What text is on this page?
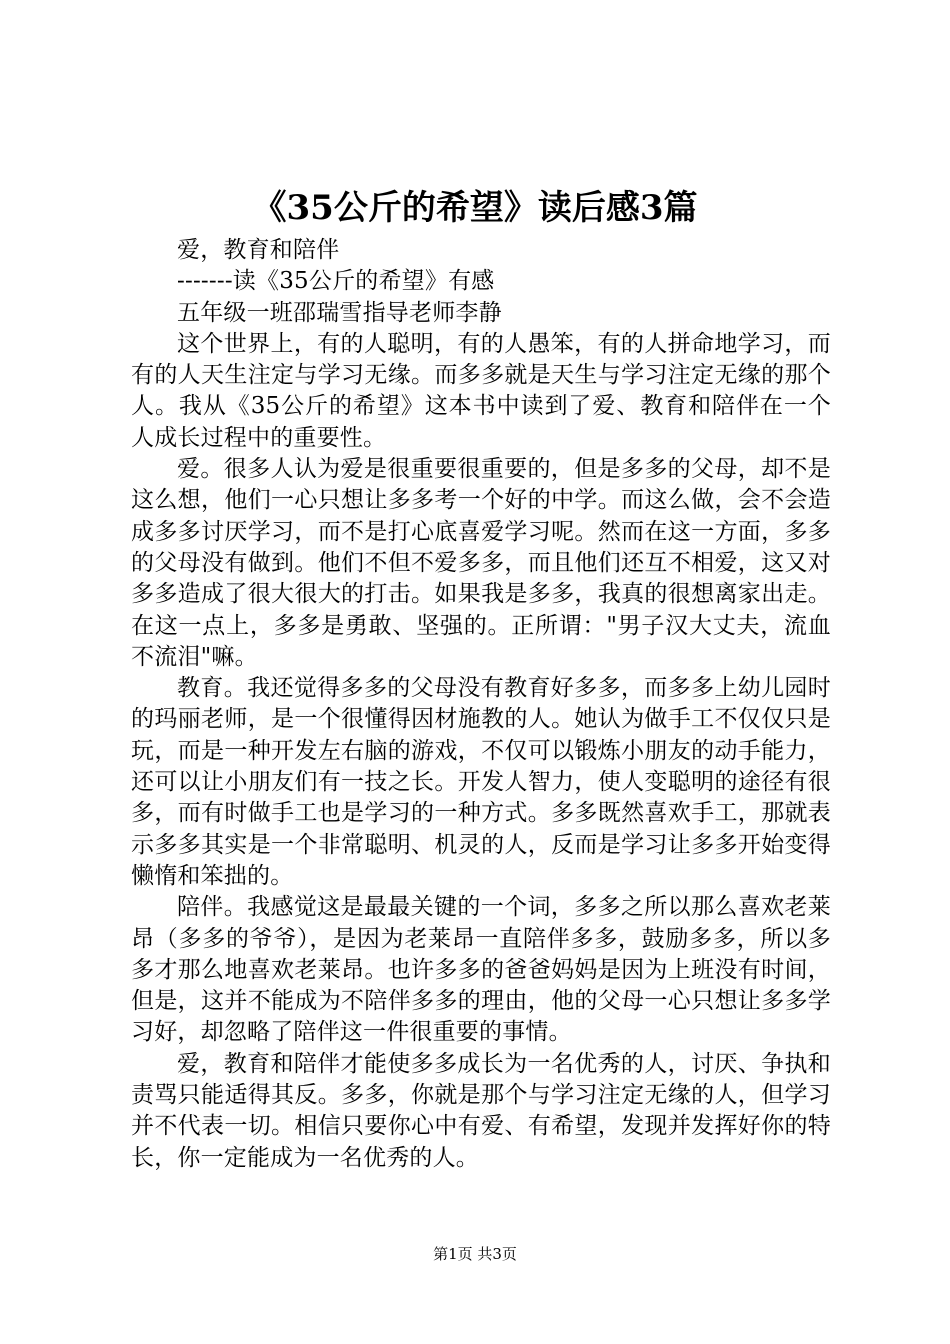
《35公斤的希望》读后感3篇

爱，教育和陪伴

-------读《35公斤的希望》有感

五年级一班邵瑞雪指导老师李静

这个世界上，有的人聪明，有的人愚笨，有的人拼命地学习，而有的人天生注定与学习无缘。而多多就是天生与学习注定无缘的那个人。我从《35公斤的希望》这本书中读到了爱、教育和陪伴在一个人成长过程中的重要性。

爱。很多人认为爱是很重要很重要的，但是多多的父母，却不是这么想，他们一心只想让多多考一个好的中学。而这么做，会不会造成多多讨厌学习，而不是打心底喜爱学习呢。然而在这一方面，多多的父母没有做到。他们不但不爱多多，而且他们还互不相爱，这又对多多造成了很大很大的打击。如果我是多多，我真的很想离家出走。在这一点上，多多是勇敢、坚强的。正所谓："男子汉大丈夫，流血不流泪"嘛。

教育。我还觉得多多的父母没有教育好多多，而多多上幼儿园时的玛丽老师，是一个很懂得因材施教的人。她认为做手工不仅仅只是玩，而是一种开发左右脑的游戏，不仅可以锻炼小朋友的动手能力，还可以让小朋友们有一技之长。开发人智力，使人变聪明的途径有很多，而有时做手工也是学习的一种方式。多多既然喜欢手工，那就表示多多其实是一个非常聪明、机灵的人，反而是学习让多多开始变得懒惰和笨拙的。

陪伴。我感觉这是最最关键的一个词，多多之所以那么喜欢老莱昂（多多的爷爷），是因为老莱昂一直陪伴多多，鼓励多多，所以多多才那么地喜欢老莱昂。也许多多的爸爸妈妈是因为上班没有时间，但是，这并不能成为不陪伴多多的理由，他的父母一心只想让多多学习好，却忽略了陪伴这一件很重要的事情。

爱，教育和陪伴才能使多多成长为一名优秀的人，讨厌、争执和责骂只能适得其反。多多，你就是那个与学习注定无缘的人，但学习并不代表一切。相信只要你心中有爱、有希望，发现并发挥好你的特长，你一定能成为一名优秀的人。

第1页 共3页
